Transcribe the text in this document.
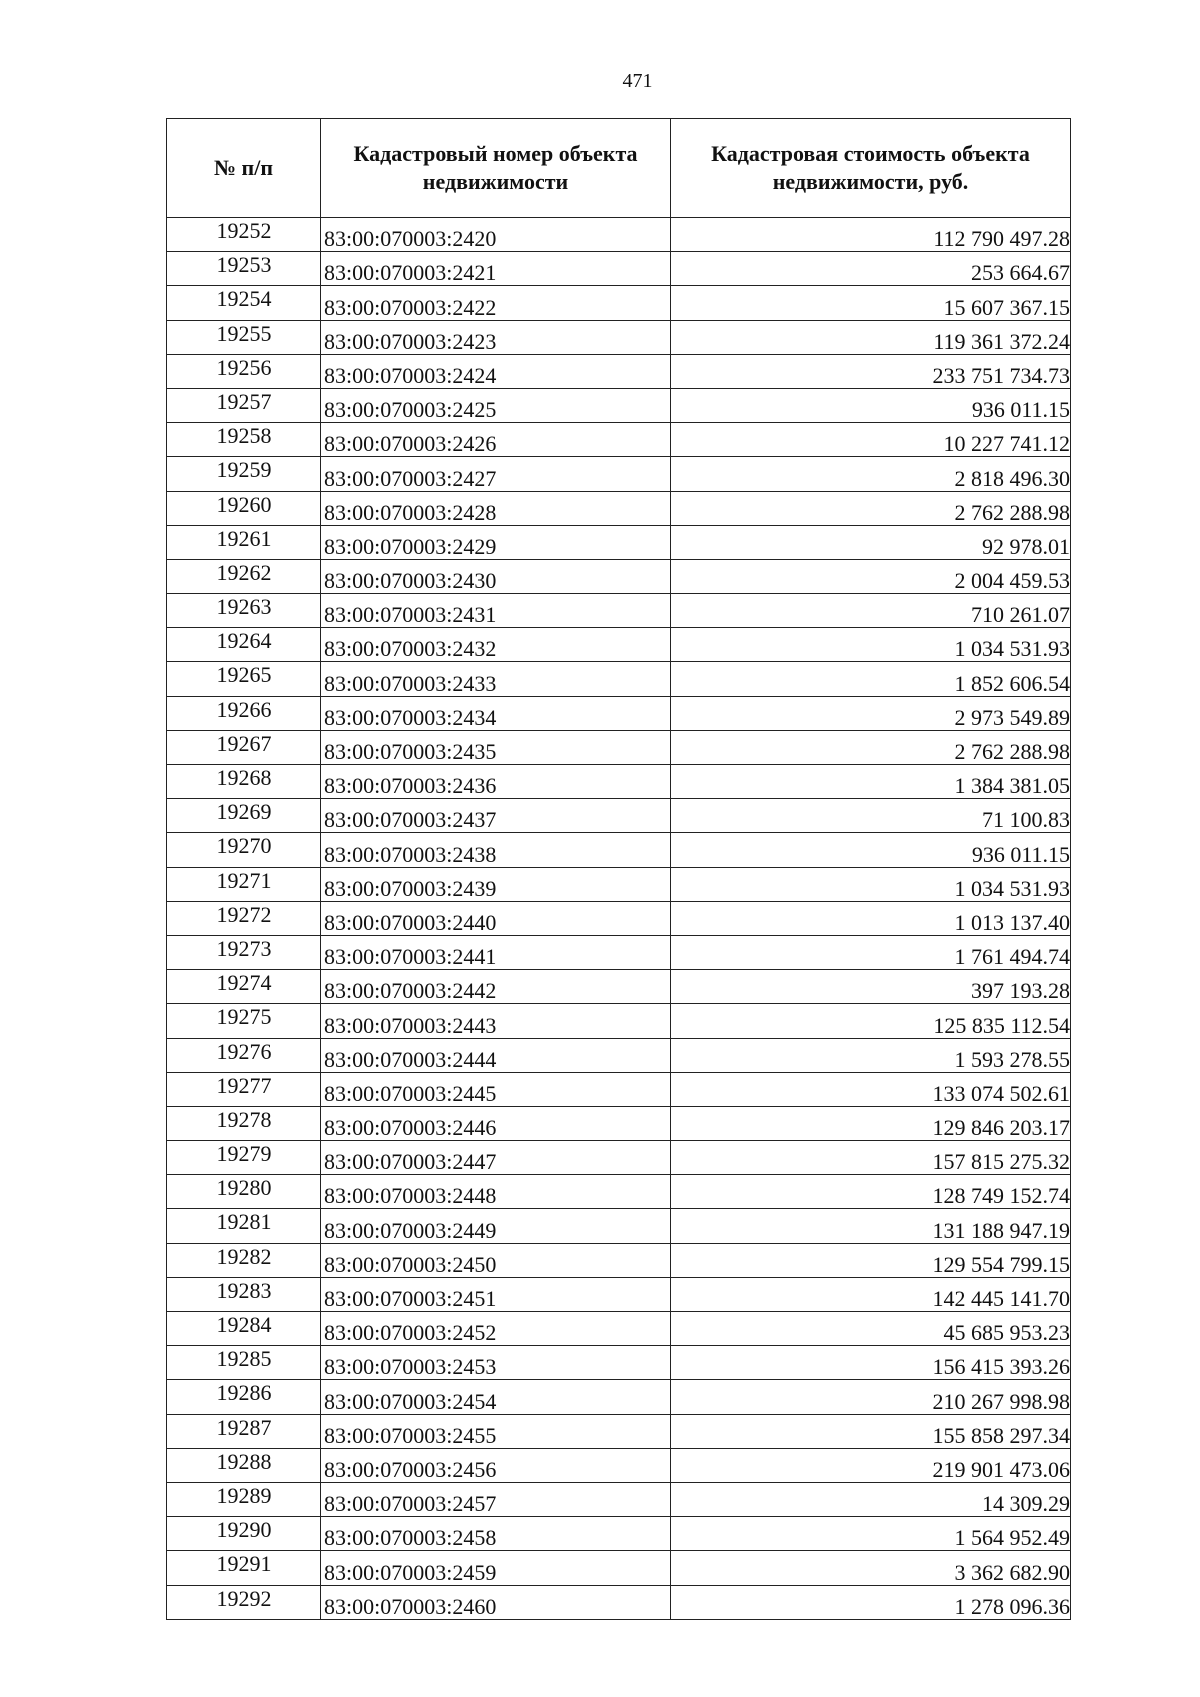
471
№ п/п	Кадастровый номер объекта недвижимости	Кадастровая стоимость объекта недвижимости, руб.
19252	83:00:070003:2420	112 790 497.28
19253	83:00:070003:2421	253 664.67
19254	83:00:070003:2422	15 607 367.15
19255	83:00:070003:2423	119 361 372.24
19256	83:00:070003:2424	233 751 734.73
19257	83:00:070003:2425	936 011.15
19258	83:00:070003:2426	10 227 741.12
19259	83:00:070003:2427	2 818 496.30
19260	83:00:070003:2428	2 762 288.98
19261	83:00:070003:2429	92 978.01
19262	83:00:070003:2430	2 004 459.53
19263	83:00:070003:2431	710 261.07
19264	83:00:070003:2432	1 034 531.93
19265	83:00:070003:2433	1 852 606.54
19266	83:00:070003:2434	2 973 549.89
19267	83:00:070003:2435	2 762 288.98
19268	83:00:070003:2436	1 384 381.05
19269	83:00:070003:2437	71 100.83
19270	83:00:070003:2438	936 011.15
19271	83:00:070003:2439	1 034 531.93
19272	83:00:070003:2440	1 013 137.40
19273	83:00:070003:2441	1 761 494.74
19274	83:00:070003:2442	397 193.28
19275	83:00:070003:2443	125 835 112.54
19276	83:00:070003:2444	1 593 278.55
19277	83:00:070003:2445	133 074 502.61
19278	83:00:070003:2446	129 846 203.17
19279	83:00:070003:2447	157 815 275.32
19280	83:00:070003:2448	128 749 152.74
19281	83:00:070003:2449	131 188 947.19
19282	83:00:070003:2450	129 554 799.15
19283	83:00:070003:2451	142 445 141.70
19284	83:00:070003:2452	45 685 953.23
19285	83:00:070003:2453	156 415 393.26
19286	83:00:070003:2454	210 267 998.98
19287	83:00:070003:2455	155 858 297.34
19288	83:00:070003:2456	219 901 473.06
19289	83:00:070003:2457	14 309.29
19290	83:00:070003:2458	1 564 952.49
19291	83:00:070003:2459	3 362 682.90
19292	83:00:070003:2460	1 278 096.36
